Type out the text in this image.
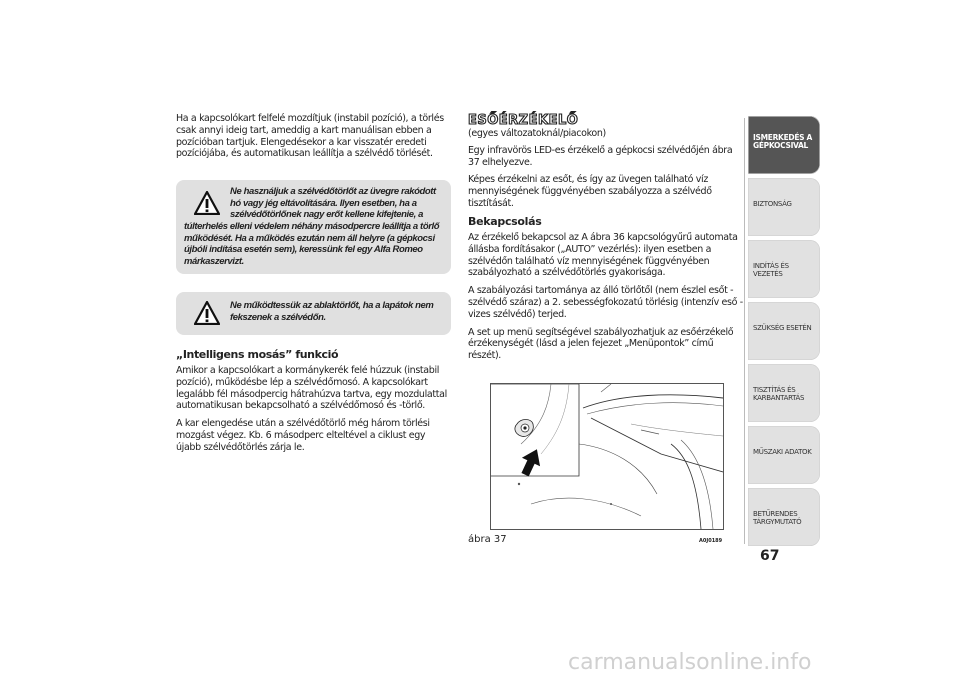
Ha a kapcsolókart felfelé mozdítjuk (instabil pozíció), a törlés csak annyi ideig tart, ameddig a kart manuálisan ebben a pozícióban tartjuk. Elengedésekor a kar visszatér eredeti pozíciójába, és automatikusan leállítja a szélvédő törlését.

Ne használjuk a szélvédőtörlőt az üvegre rakódott hó vagy jég eltávolítására. Ilyen esetben, ha a szélvédőtörlőnek nagy erőt kellene kifejtenie, a
túlterhelés elleni védelem néhány másodpercre leállítja a törlő működését. Ha a működés ezután nem áll helyre (a gépkocsi újbóli indítása esetén sem), keressünk fel egy Alfa Romeo márkaszervizt.
Ne működtessük az ablaktörlőt, ha a lapátok nem fekszenek a szélvédőn.
„Intelligens mosás” funkció

Amikor a kapcsolókart a kormánykerék felé húzzuk (instabil pozíció), működésbe lép a szélvédőmosó. A kapcsolókart legalább fél másodpercig hátrahúzva tartva, egy mozdulattal automatikusan bekapcsolható a szélvédőmosó és -törlő.

A kar elengedése után a szélvédőtörlő még három törlési mozgást végez. Kb. 6 másodperc elteltével a ciklust egy újabb szélvédőtörlés zárja le.

ESŐÉRZÉKELŐ

(egyes változatoknál/piacokon)

Egy infravörös LED-es érzékelő a gépkocsi szélvédőjén ábra 37 elhelyezve.

Képes érzékelni az esőt, és így az üvegen található víz mennyiségének függvényében szabályozza a szélvédő tisztítását.

Bekapcsolás

Az érzékelő bekapcsol az A ábra 36 kapcsológyűrű automata állásba fordításakor („AUTO” vezérlés): ilyen esetben a szélvédőn található víz mennyiségének függvényében szabályozható a szélvédőtörlés gyakorisága.

A szabályozási tartománya az álló törlőtől (nem észlel esőt - szélvédő száraz) a 2. sebességfokozatú törlésig (intenzív eső - vizes szélvédő) terjed.

A set up menü segítségével szabályozhatjuk az esőérzékelő érzékenységét (lásd a jelen fejezet „Menüpontok” című részét).

ábra 37	A0J0189
ISMERKEDÉS A GÉPKOCSIVAL
BIZTONSÁG
INDÍTÁS ÉS VEZETÉS
SZÜKSÉG ESETÉN
TISZTÍTÁS ÉS KARBANTARTÁS
MŰSZAKI ADATOK
BETŰRENDES TÁRGYMUTATÓ
67
carmanualsonline.info
